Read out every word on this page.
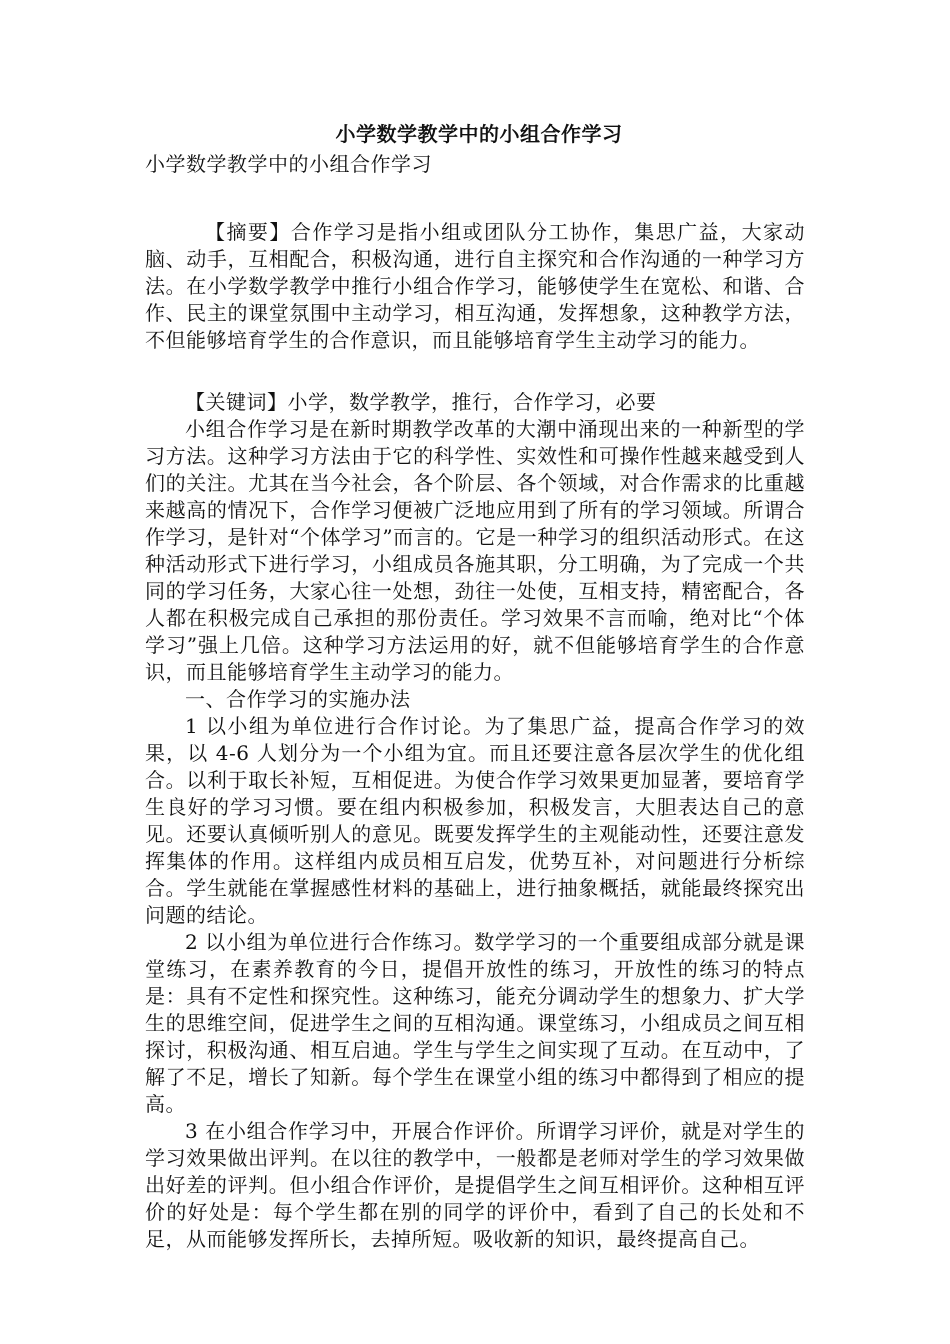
小学数学教学中的小组合作学习

小学数学教学中的小组合作学习

【摘要】合作学习是指小组或团队分工协作，集思广益，大家动脑、动手，互相配合，积极沟通，进行自主探究和合作沟通的一种学习方法。在小学数学教学中推行小组合作学习，能够使学生在宽松、和谐、合作、民主的课堂氛围中主动学习，相互沟通，发挥想象，这种教学方法，不但能够培育学生的合作意识，而且能够培育学生主动学习的能力。

【关键词】小学，数学教学，推行，合作学习，必要

小组合作学习是在新时期教学改革的大潮中涌现出来的一种新型的学习方法。这种学习方法由于它的科学性、实效性和可操作性越来越受到人们的关注。尤其在当今社会，各个阶层、各个领域，对合作需求的比重越来越高的情况下，合作学习便被广泛地应用到了所有的学习领域。所谓合作学习，是针对“个体学习”而言的。它是一种学习的组织活动形式。在这种活动形式下进行学习，小组成员各施其职，分工明确，为了完成一个共同的学习任务，大家心往一处想，劲往一处使，互相支持，精密配合，各人都在积极完成自己承担的那份责任。学习效果不言而喻，绝对比“个体学习”强上几倍。这种学习方法运用的好，就不但能够培育学生的合作意识，而且能够培育学生主动学习的能力。

一、合作学习的实施办法

1 以小组为单位进行合作讨论。为了集思广益，提高合作学习的效果，以 4-6 人划分为一个小组为宜。而且还要注意各层次学生的优化组合。以利于取长补短，互相促进。为使合作学习效果更加显著，要培育学生良好的学习习惯。要在组内积极参加，积极发言，大胆表达自己的意见。还要认真倾听别人的意见。既要发挥学生的主观能动性，还要注意发挥集体的作用。这样组内成员相互启发，优势互补，对问题进行分析综合。学生就能在掌握感性材料的基础上，进行抽象概括，就能最终探究出问题的结论。

2 以小组为单位进行合作练习。数学学习的一个重要组成部分就是课堂练习，在素养教育的今日，提倡开放性的练习，开放性的练习的特点是：具有不定性和探究性。这种练习，能充分调动学生的想象力、扩大学生的思维空间，促进学生之间的互相沟通。课堂练习，小组成员之间互相探讨，积极沟通、相互启迪。学生与学生之间实现了互动。在互动中，了解了不足，增长了知新。每个学生在课堂小组的练习中都得到了相应的提高。

3 在小组合作学习中，开展合作评价。所谓学习评价，就是对学生的学习效果做出评判。在以往的教学中，一般都是老师对学生的学习效果做出好差的评判。但小组合作评价，是提倡学生之间互相评价。这种相互评价的好处是：每个学生都在别的同学的评价中，看到了自己的长处和不足，从而能够发挥所长，去掉所短。吸收新的知识，最终提高自己。
